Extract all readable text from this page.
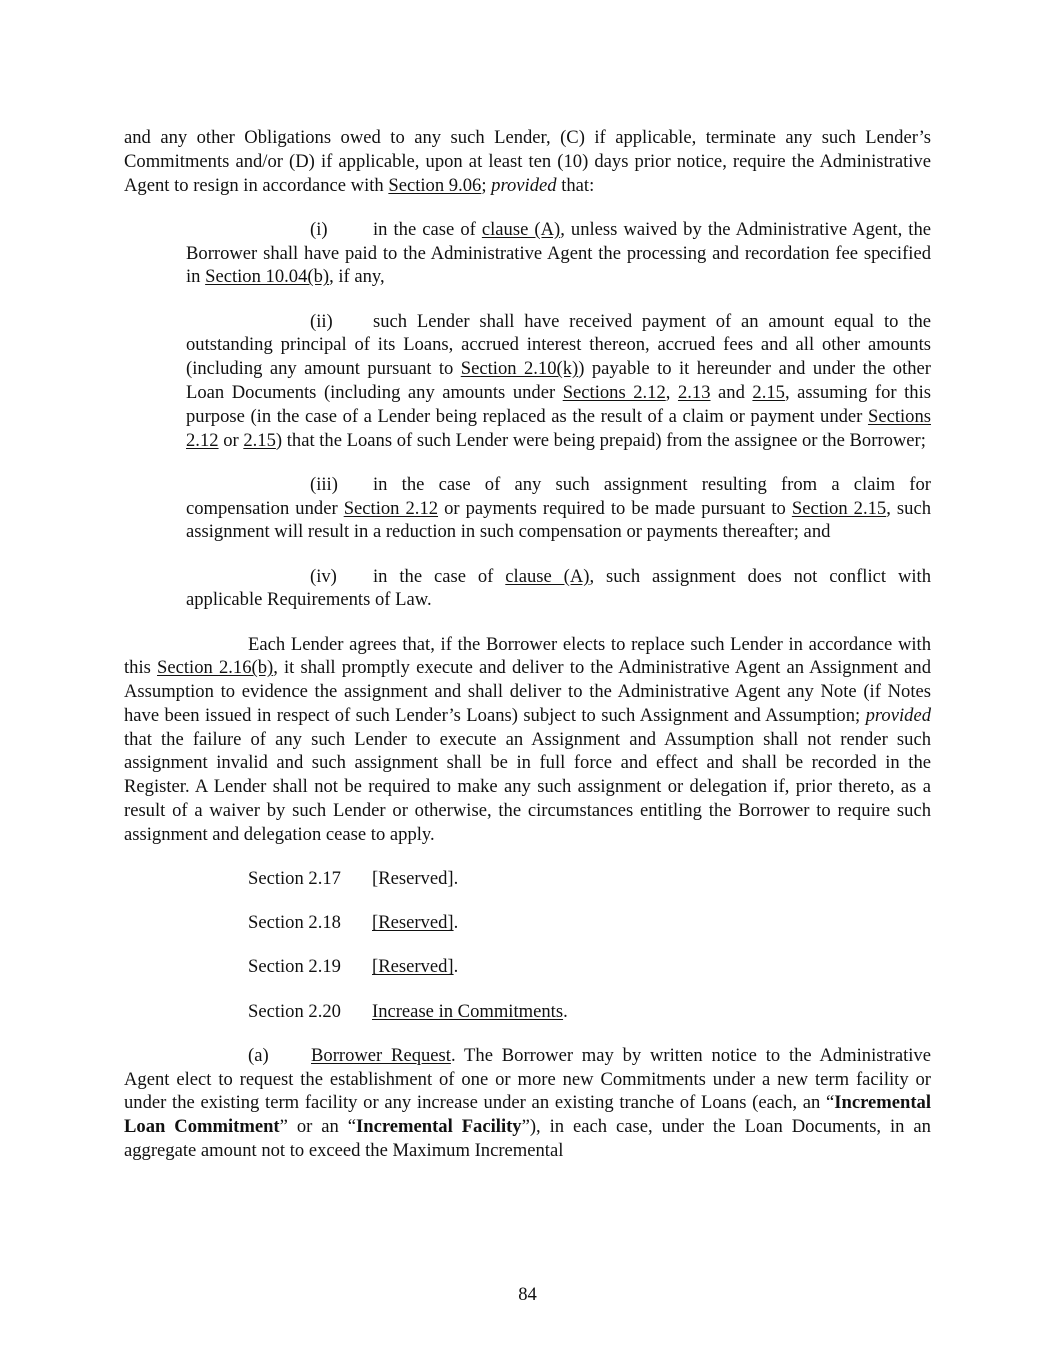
and any other Obligations owed to any such Lender, (C) if applicable, terminate any such Lender’s Commitments and/or (D) if applicable, upon at least ten (10) days prior notice, require the Administrative Agent to resign in accordance with Section 9.06; provided that:

(i) in the case of clause (A), unless waived by the Administrative Agent, the Borrower shall have paid to the Administrative Agent the processing and recordation fee specified in Section 10.04(b), if any,

(ii) such Lender shall have received payment of an amount equal to the outstanding principal of its Loans, accrued interest thereon, accrued fees and all other amounts (including any amount pursuant to Section 2.10(k)) payable to it hereunder and under the other Loan Documents (including any amounts under Sections 2.12, 2.13 and 2.15, assuming for this purpose (in the case of a Lender being replaced as the result of a claim or payment under Sections 2.12 or 2.15) that the Loans of such Lender were being prepaid) from the assignee or the Borrower;

(iii) in the case of any such assignment resulting from a claim for compensation under Section 2.12 or payments required to be made pursuant to Section 2.15, such assignment will result in a reduction in such compensation or payments thereafter; and

(iv) in the case of clause (A), such assignment does not conflict with applicable Requirements of Law.

Each Lender agrees that, if the Borrower elects to replace such Lender in accordance with this Section 2.16(b), it shall promptly execute and deliver to the Administrative Agent an Assignment and Assumption to evidence the assignment and shall deliver to the Administrative Agent any Note (if Notes have been issued in respect of such Lender’s Loans) subject to such Assignment and Assumption; provided that the failure of any such Lender to execute an Assignment and Assumption shall not render such assignment invalid and such assignment shall be in full force and effect and shall be recorded in the Register. A Lender shall not be required to make any such assignment or delegation if, prior thereto, as a result of a waiver by such Lender or otherwise, the circumstances entitling the Borrower to require such assignment and delegation cease to apply.

Section 2.17 [Reserved].

Section 2.18 [Reserved].

Section 2.19 [Reserved].

Section 2.20 Increase in Commitments.

(a) Borrower Request. The Borrower may by written notice to the Administrative Agent elect to request the establishment of one or more new Commitments under a new term facility or under the existing term facility or any increase under an existing tranche of Loans (each, an “Incremental Loan Commitment” or an “Incremental Facility”), in each case, under the Loan Documents, in an aggregate amount not to exceed the Maximum Incremental

84
